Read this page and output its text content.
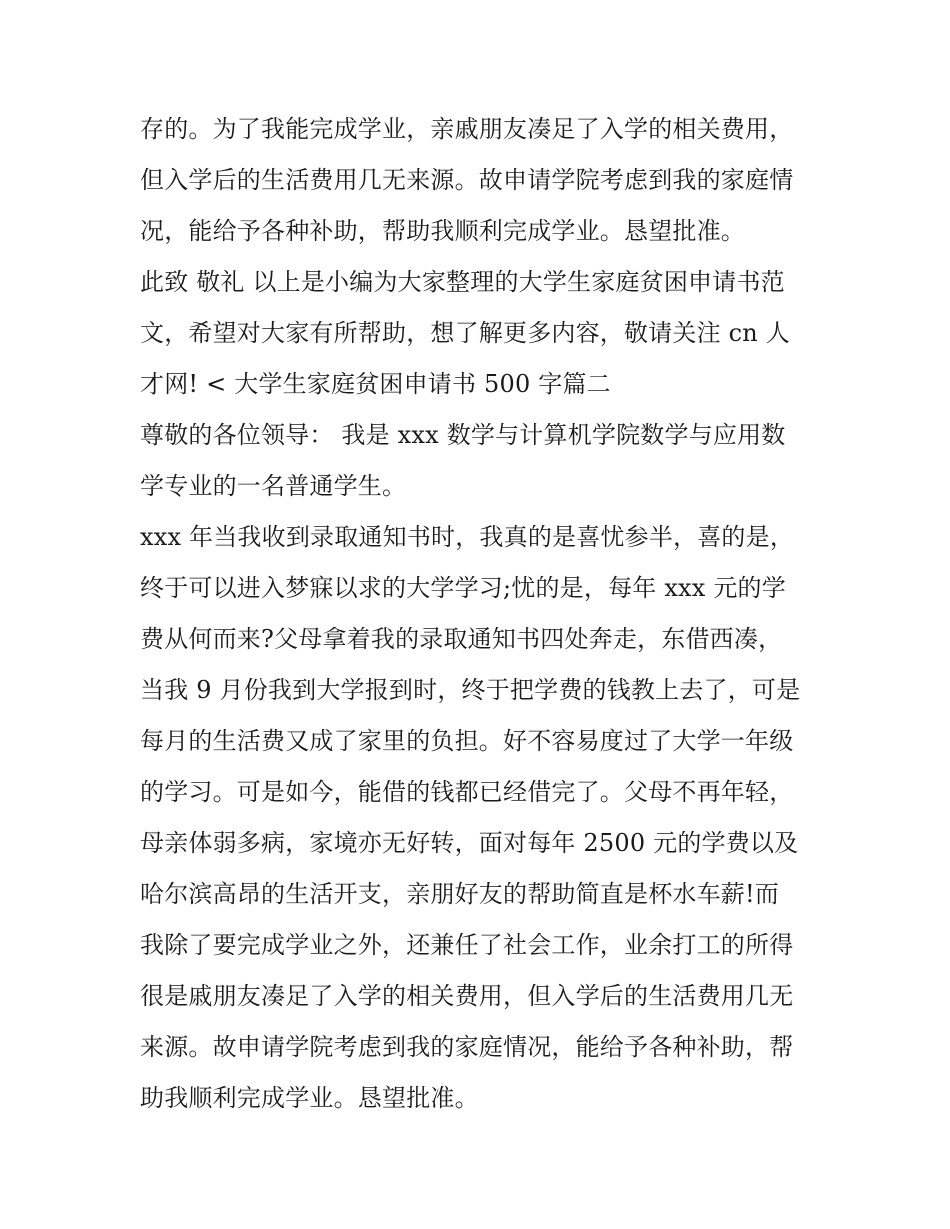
存的。为了我能完成学业，亲戚朋友凑足了入学的相关费用，
但入学后的生活费用几无来源。故申请学院考虑到我的家庭情
况，能给予各种补助，帮助我顺利完成学业。恳望批准。
此致 敬礼 以上是小编为大家整理的大学生家庭贫困申请书范
文，希望对大家有所帮助，想了解更多内容，敬请关注 cn 人
才网! < 大学生家庭贫困申请书 500 字篇二
尊敬的各位领导： 我是 xxx 数学与计算机学院数学与应用数
学专业的一名普通学生。
xxx 年当我收到录取通知书时，我真的是喜忧参半，喜的是，
终于可以进入梦寐以求的大学学习;忧的是，每年 xxx 元的学
费从何而来?父母拿着我的录取通知书四处奔走，东借西凑，
当我 9 月份我到大学报到时，终于把学费的钱教上去了，可是
每月的生活费又成了家里的负担。好不容易度过了大学一年级
的学习。可是如今，能借的钱都已经借完了。父母不再年轻，
母亲体弱多病，家境亦无好转，面对每年 2500 元的学费以及
哈尔滨高昂的生活开支，亲朋好友的帮助简直是杯水车薪!而
我除了要完成学业之外，还兼任了社会工作，业余打工的所得
很是戚朋友凑足了入学的相关费用，但入学后的生活费用几无
来源。故申请学院考虑到我的家庭情况，能给予各种补助，帮
助我顺利完成学业。恳望批准。
